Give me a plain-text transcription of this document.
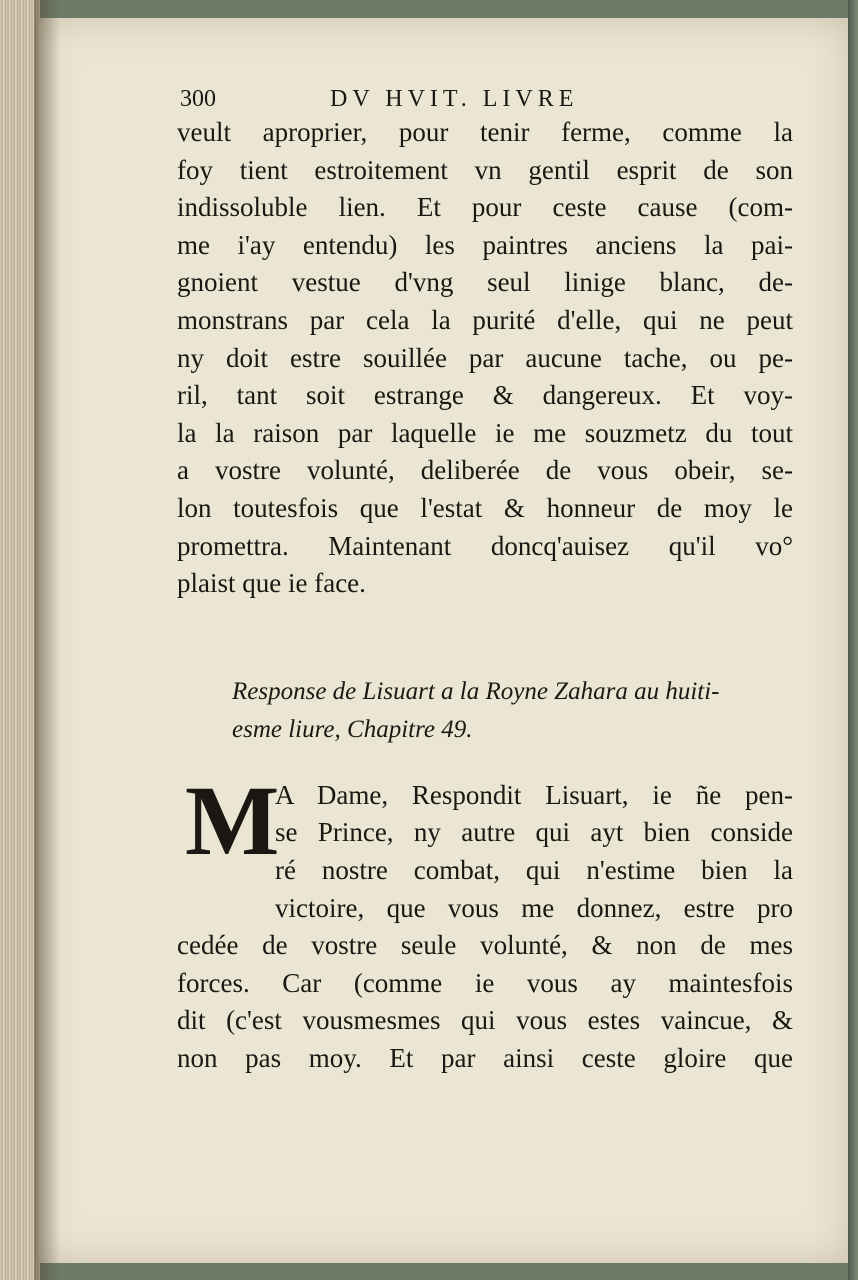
300	DV HVIT. LIVRE
veult aproprier, pour tenir ferme, comme la
foy tient estroitement vn gentil esprit de son
indissoluble lien. Et pour ceste cause (com-
me i'ay entendu) les paintres anciens la pai-
gnoient vestue d'vng seul linige blanc, de-
monstrans par cela la purité d'elle, qui ne peut
ny doit estre souillée par aucune tache, ou pe-
ril, tant soit estrange & dangereux. Et voy-
la la raison par laquelle ie me souzmetz du tout
a vostre volunté, deliberée de vous obeir, se-
lon toutesfois que l'estat & honneur de moy le
promettra. Maintenant doncq'auisez qu'il vo°
plaist que ie face.
Response de Lisuart a la Royne Zahara au huiti-
esme liure, Chapitre 49.
M
A Dame, Respondit Lisuart, ie ñe pen-
se Prince, ny autre qui ayt bien conside
ré nostre combat, qui n'estime bien la
victoire, que vous me donnez, estre pro
cedée de vostre seule volunté, & non de mes
forces. Car (comme ie vous ay maintesfois
dit (c'est vousmesmes qui vous estes vaincue, &
non pas moy. Et par ainsi ceste gloire que
